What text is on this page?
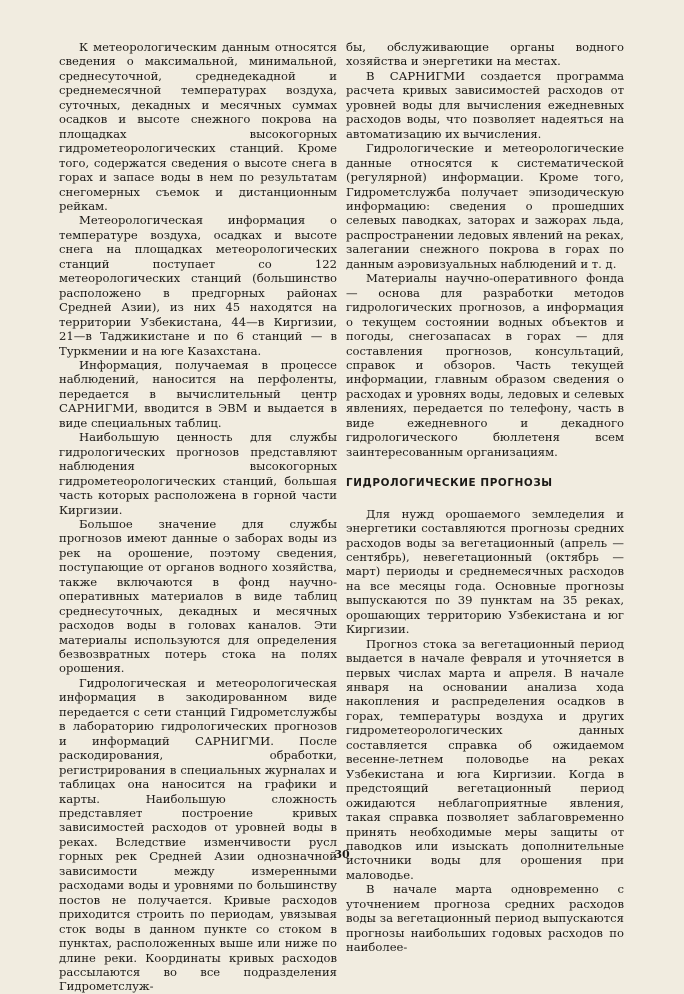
К метеорологическим данным относятся сведения о максимальной, минимальной, среднесуточной, среднедекадной и среднемесячной температурах воздуха, суточных, декадных и месячных суммах осадков и высоте снежного покрова на площадках высокогорных гидрометеорологических станций. Кроме того, содержатся сведения о высоте снега в горах и запасе воды в нем по результатам снегомерных съемок и дистанционным рейкам.

Метеорологическая информация о температуре воздуха, осадках и высоте снега на площадках метеорологических станций поступает со 122 метеорологических станций (большинство расположено в предгорных районах Средней Азии), из них 45 находятся на территории Узбекистана, 44—в Киргизии, 21—в Таджикистане и по 6 станций — в Туркмении и на юге Казахстана.

Информация, получаемая в процессе наблюдений, наносится на перфоленты, передается в вычислительный центр САРНИГМИ, вводится в ЭВМ и выдается в виде специальных таблиц.

Наибольшую ценность для службы гидрологических прогнозов представляют наблюдения высокогорных гидрометеорологических станций, большая часть которых расположена в горной части Киргизии.

Большое значение для службы прогнозов имеют данные о заборах воды из рек на орошение, поэтому сведения, поступающие от органов водного хозяйства, также включаются в фонд научно-оперативных материалов в виде таблиц среднесуточных, декадных и месячных расходов воды в головах каналов. Эти материалы используются для определения безвозвратных потерь стока на полях орошения.

Гидрологическая и метеорологическая информация в закодированном виде передается с сети станций Гидрометслужбы в лабораторию гидрологических прогнозов и информаций САРНИГМИ. После раскодирования, обработки, регистрирования в специальных журналах и таблицах она наносится на графики и карты. Наибольшую сложность представляет построение кривых зависимостей расходов от уровней воды в реках. Вследствие изменчивости русл горных рек Средней Азии однозначной зависимости между измеренными расходами воды и уровнями по большинству постов не получается. Кривые расходов приходится строить по периодам, увязывая сток воды в данном пункте со стоком в пунктах, расположенных выше или ниже по длине реки. Координаты кривых расходов рассылаются во все подразделения Гидрометслуж-

бы, обслуживающие органы водного хозяйства и энергетики на местах.

В САРНИГМИ создается программа расчета кривых зависимостей расходов от уровней воды для вычисления ежедневных расходов воды, что позволяет надеяться на автоматизацию их вычисления.

Гидрологические и метеорологические данные относятся к систематической (регулярной) информации. Кроме того, Гидрометслужба получает эпизодическую информацию: сведения о прошедших селевых паводках, заторах и зажорах льда, распространении ледовых явлений на реках, залегании снежного покрова в горах по данным аэровизуальных наблюдений и т. д.

Материалы научно-оперативного фонда — основа для разработки методов гидрологических прогнозов, а информация о текущем состоянии водных объектов и погоды, снегозапасах в горах — для составления прогнозов, консультаций, справок и обзоров. Часть текущей информации, главным образом сведения о расходах и уровнях воды, ледовых и селевых явлениях, передается по телефону, часть в виде ежедневного и декадного гидрологического бюллетеня всем заинтересованным организациям.

ГИДРОЛОГИЧЕСКИЕ ПРОГНОЗЫ

Для нужд орошаемого земледелия и энергетики составляются прогнозы средних расходов воды за вегетационный (апрель — сентябрь), невегетационный (октябрь — март) периоды и среднемесячных расходов на все месяцы года. Основные прогнозы выпускаются по 39 пунктам на 35 реках, орошающих территорию Узбекистана и юг Киргизии.

Прогноз стока за вегетационный период выдается в начале февраля и уточняется в первых числах марта и апреля. В начале января на основании анализа хода накопления и распределения осадков в горах, температуры воздуха и других гидрометеорологических данных составляется справка об ожидаемом весенне-летнем половодье на реках Узбекистана и юга Киргизии. Когда в предстоящий вегетационный период ожидаются неблагоприятные явления, такая справка позволяет заблаговременно принять необходимые меры защиты от паводков или изыскать дополнительные источники воды для орошения при маловодье.

В начале марта одновременно с уточнением прогноза средних расходов воды за вегетационный период выпускаются прогнозы наибольших годовых расходов по наиболее-

30
